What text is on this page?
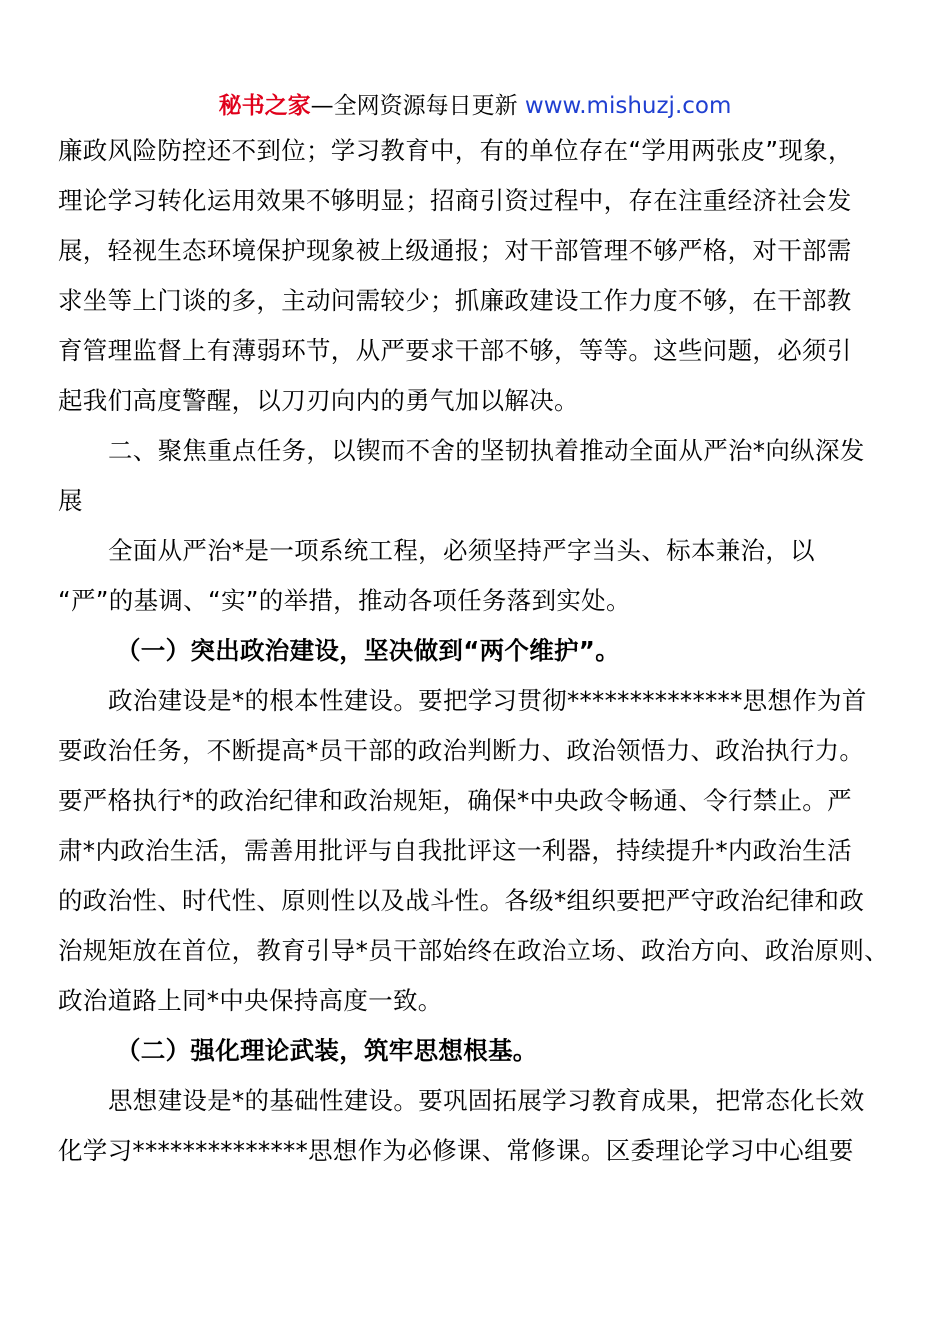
秘书之家—全网资源每日更新 www.mishuzj.com
廉政风险防控还不到位；学习教育中，有的单位存在“学用两张皮”现象，
理论学习转化运用效果不够明显；招商引资过程中，存在注重经济社会发
展，轻视生态环境保护现象被上级通报；对干部管理不够严格，对干部需
求坐等上门谈的多，主动问需较少；抓廉政建设工作力度不够，在干部教
育管理监督上有薄弱环节，从严要求干部不够，等等。这些问题，必须引
起我们高度警醒，以刀刃向内的勇气加以解决。
二、聚焦重点任务，以锲而不舍的坚韧执着推动全面从严治*向纵深发
展
全面从严治*是一项系统工程，必须坚持严字当头、标本兼治，以
“严”的基调、“实”的举措，推动各项任务落到实处。
（一）突出政治建设，坚决做到“两个维护”。
政治建设是*的根本性建设。要把学习贯彻**************思想作为首
要政治任务，不断提高*员干部的政治判断力、政治领悟力、政治执行力。
要严格执行*的政治纪律和政治规矩，确保*中央政令畅通、令行禁止。严
肃*内政治生活，需善用批评与自我批评这一利器，持续提升*内政治生活
的政治性、时代性、原则性以及战斗性。各级*组织要把严守政治纪律和政
治规矩放在首位，教育引导*员干部始终在政治立场、政治方向、政治原则、
政治道路上同*中央保持高度一致。
（二）强化理论武装，筑牢思想根基。
思想建设是*的基础性建设。要巩固拓展学习教育成果，把常态化长效
化学习**************思想作为必修课、常修课。区委理论学习中心组要
